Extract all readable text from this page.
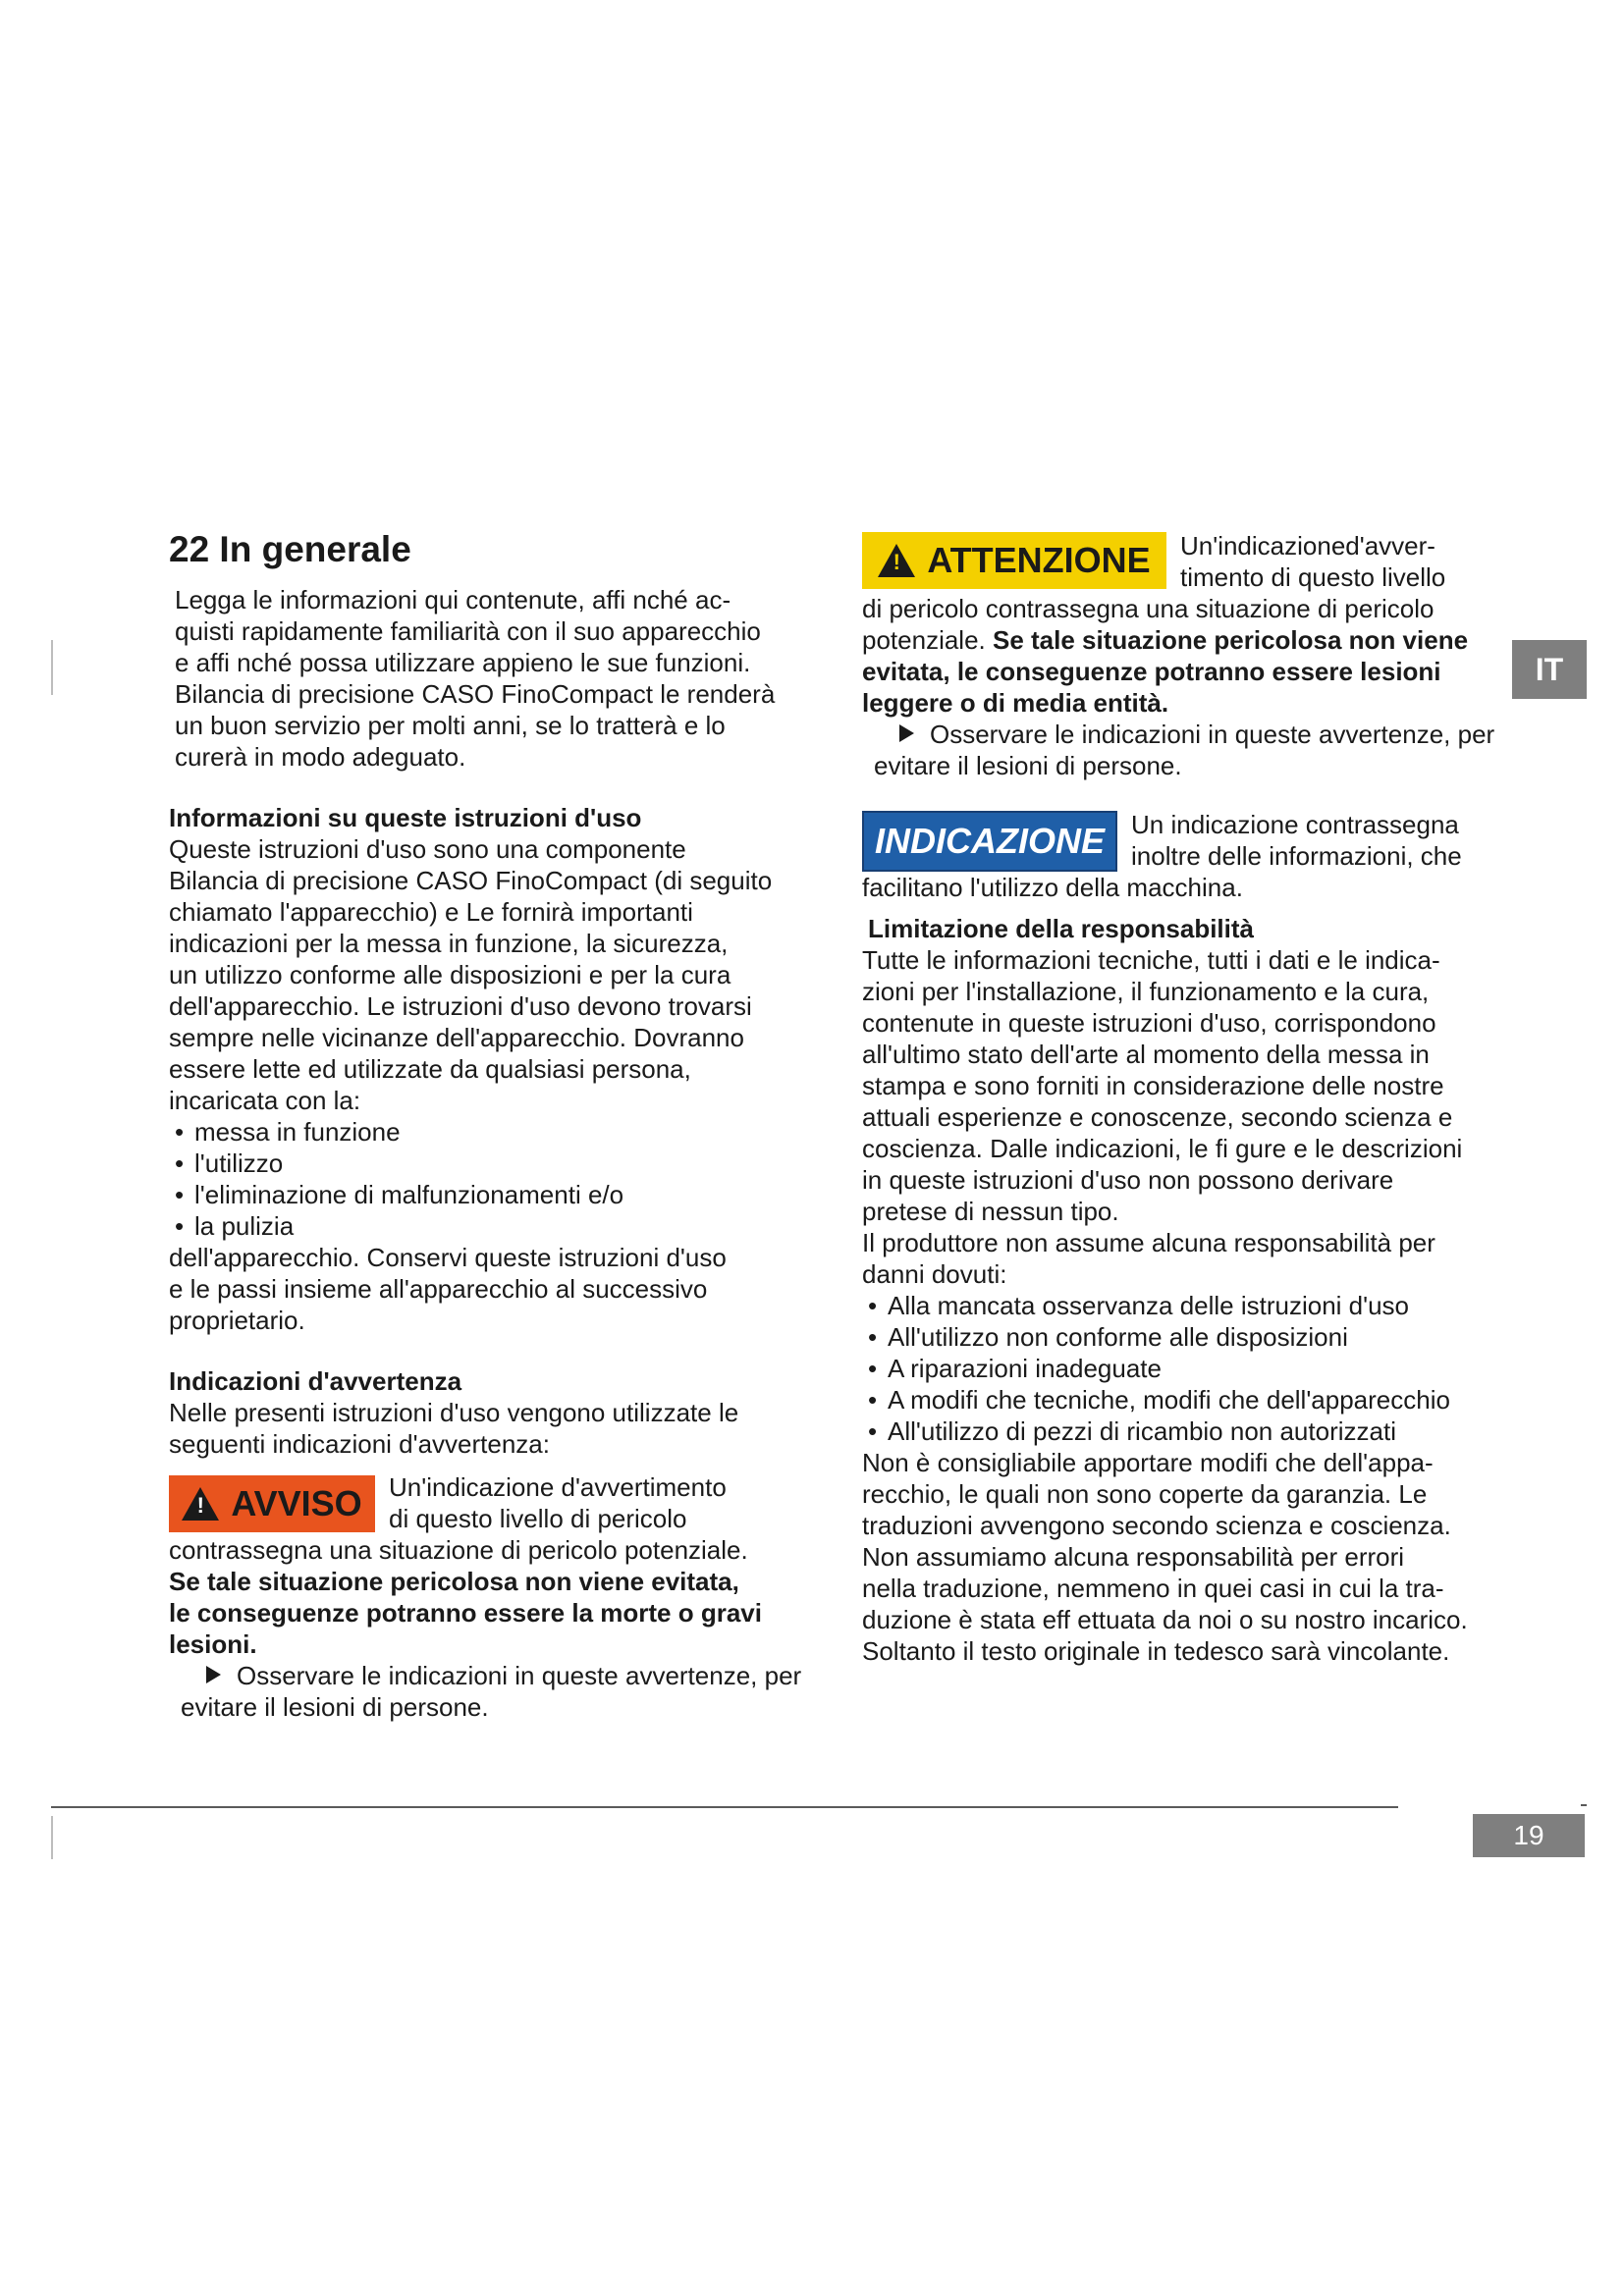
22 In generale

Legga le informazioni qui contenute, affi nché ac-

quisti rapidamente familiarità con il suo apparecchio

e affi nché possa utilizzare appieno le sue funzioni.

Bilancia di precisione CASO FinoCompact le renderà

un buon servizio per molti anni, se lo tratterà e lo

curerà in modo adeguato.

Informazioni su queste istruzioni d'uso

Queste istruzioni d'uso sono una componente

Bilancia di precisione CASO FinoCompact (di seguito

chiamato l'apparecchio) e Le fornirà importanti

indicazioni per la messa in funzione, la sicurezza,

un utilizzo conforme alle disposizioni e per la cura

dell'apparecchio. Le istruzioni d'uso devono trovarsi

sempre nelle vicinanze dell'apparecchio. Dovranno

essere lette ed utilizzate da qualsiasi persona,

incaricata con la:

• messa in funzione
• l'utilizzo
• l'eliminazione di malfunzionamenti e/o
• la pulizia

dell'apparecchio. Conservi queste istruzioni d'uso

e le passi insieme all'apparecchio al successivo

proprietario.

Indicazioni d'avvertenza

Nelle presenti istruzioni d'uso vengono utilizzate le

seguenti indicazioni d'avvertenza:

! AVVISO Un'indicazione d'avvertimento

di questo livello di pericolo

contrassegna una situazione di pericolo potenziale.

Se tale situazione pericolosa non viene evitata,

le conseguenze potranno essere la morte o gravi

lesioni.

Osservare le indicazioni in queste avvertenze, per

evitare il lesioni di persone.

! ATTENZIONE Un'indicazioned'avver-

timento di questo livello

di pericolo contrassegna una situazione di pericolo

potenziale. Se tale situazione pericolosa non viene

evitata, le conseguenze potranno essere lesioni

leggere o di media entità.

Osservare le indicazioni in queste avvertenze, per

evitare il lesioni di persone.

INDICAZIONE Un indicazione contrassegna

inoltre delle informazioni, che

facilitano l'utilizzo della macchina.

Limitazione della responsabilità

Tutte le informazioni tecniche, tutti i dati e le indica-

zioni per l'installazione, il funzionamento e la cura,

contenute in queste istruzioni d'uso, corrispondono

all'ultimo stato dell'arte al momento della messa in

stampa e sono forniti in considerazione delle nostre

attuali esperienze e conoscenze, secondo scienza e

coscienza. Dalle indicazioni, le fi gure e le descrizioni

in queste istruzioni d'uso non possono derivare

pretese di nessun tipo.

Il produttore non assume alcuna responsabilità per

danni dovuti:

• Alla mancata osservanza delle istruzioni d'uso
• All'utilizzo non conforme alle disposizioni
• A riparazioni inadeguate
• A modifi che tecniche, modifi che dell'apparecchio
• All'utilizzo di pezzi di ricambio non autorizzati

Non è consigliabile apportare modifi che dell'appa-

recchio, le quali non sono coperte da garanzia. Le

traduzioni avvengono secondo scienza e coscienza.

Non assumiamo alcuna responsabilità per errori

nella traduzione, nemmeno in quei casi in cui la tra-

duzione è stata eff ettuata da noi o su nostro incarico.

Soltanto il testo originale in tedesco sarà vincolante.

IT
19
